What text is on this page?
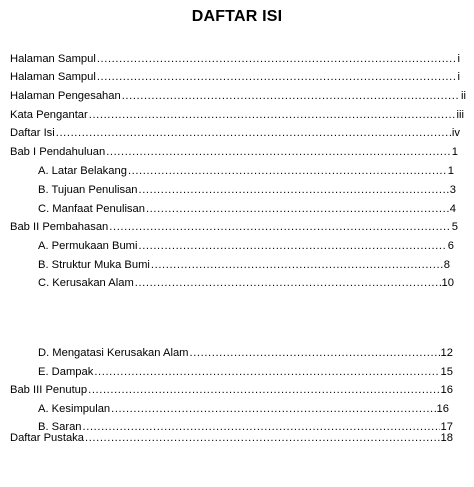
DAFTAR ISI
Halaman Sampul .....	i
Halaman Sampul .....	i
Halaman Pengesahan .....	ii
Kata Pengantar .....	iii
Daftar Isi .....	iv
Bab I Pendahuluan .....	1
A. Latar Belakang .....	1
B. Tujuan Penulisan .....	3
C. Manfaat Penulisan .....	4
Bab II Pembahasan .....	5
A. Permukaan Bumi .....	6
B. Struktur Muka Bumi .....	8
C. Kerusakan Alam .....	10
D. Mengatasi Kerusakan Alam .....	12
E. Dampak .....	15
Bab III Penutup .....	16
A. Kesimpulan .....	16
B. Saran .....	17
Daftar Pustaka .....	18
